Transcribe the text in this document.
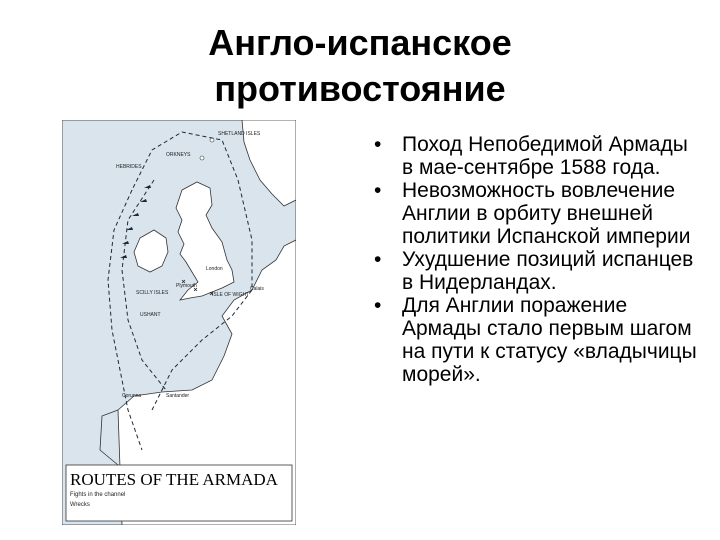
Англо-испанское
противостояние
ROUTES OF THE ARMADA
Fights in the channel
Wrecks
SHETLAND ISLES
ORKNEYS
HEBRIDES
London
Plymouth	Calais
ISLE OF WIGHT
SCILLY ISLES
USHANT
Corunna	Santander
• Поход Непобедимой Армады в мае-сентябре 1588 года.
• Невозможность вовлечение Англии в орбиту внешней политики Испанской империи
• Ухудшение позиций испанцев в Нидерландах.
• Для Англии поражение Армады стало первым шагом на пути к статусу «владычицы морей».
